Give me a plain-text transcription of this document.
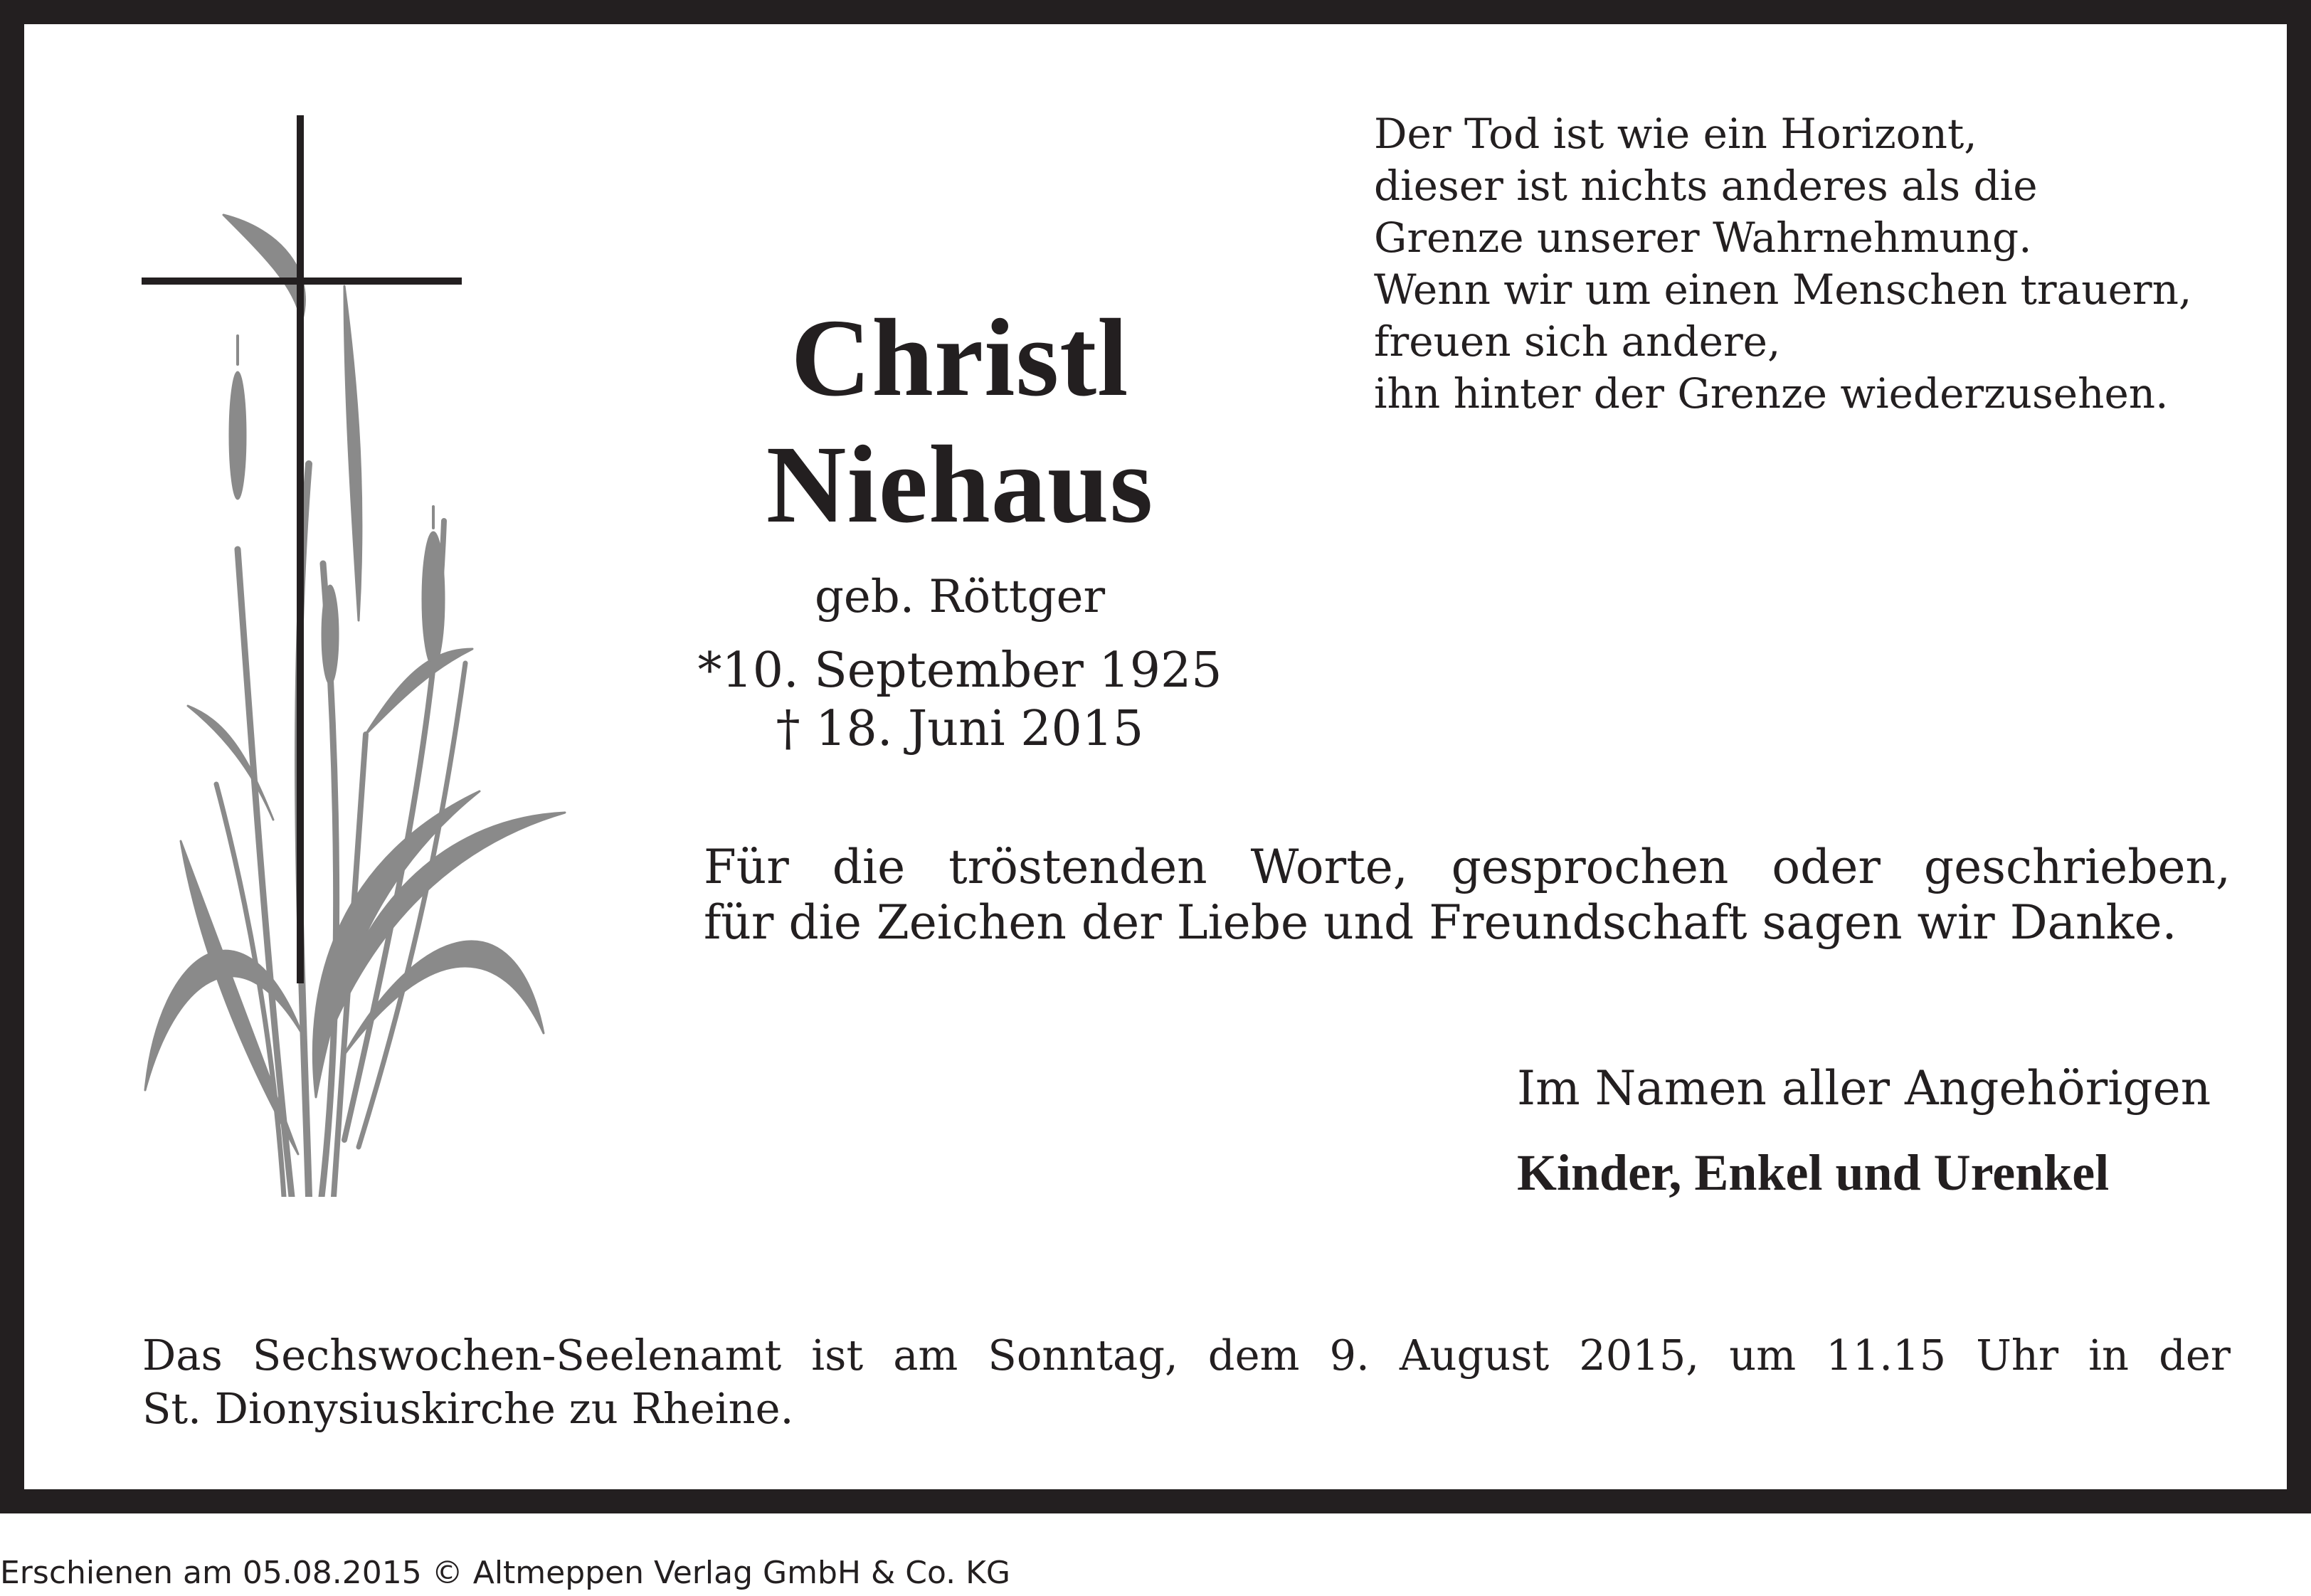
Christl
Niehaus
geb. Röttger
*10. September 1925
† 18. Juni 2015
Der Tod ist wie ein Horizont,
dieser ist nichts anderes als die
Grenze unserer Wahrnehmung.
Wenn wir um einen Menschen trauern,
freuen sich andere,
ihn hinter der Grenze wiederzusehen.
Für die tröstenden Worte, gesprochen oder geschrieben,
für die Zeichen der Liebe und Freundschaft sagen wir Danke.
Im Namen aller Angehörigen
Kinder, Enkel und Urenkel
Das Sechswochen-Seelenamt ist am Sonntag, dem 9. August 2015, um 11.15 Uhr in der
St. Dionysiuskirche zu Rheine.
Erschienen am 05.08.2015 © Altmeppen Verlag GmbH & Co. KG
